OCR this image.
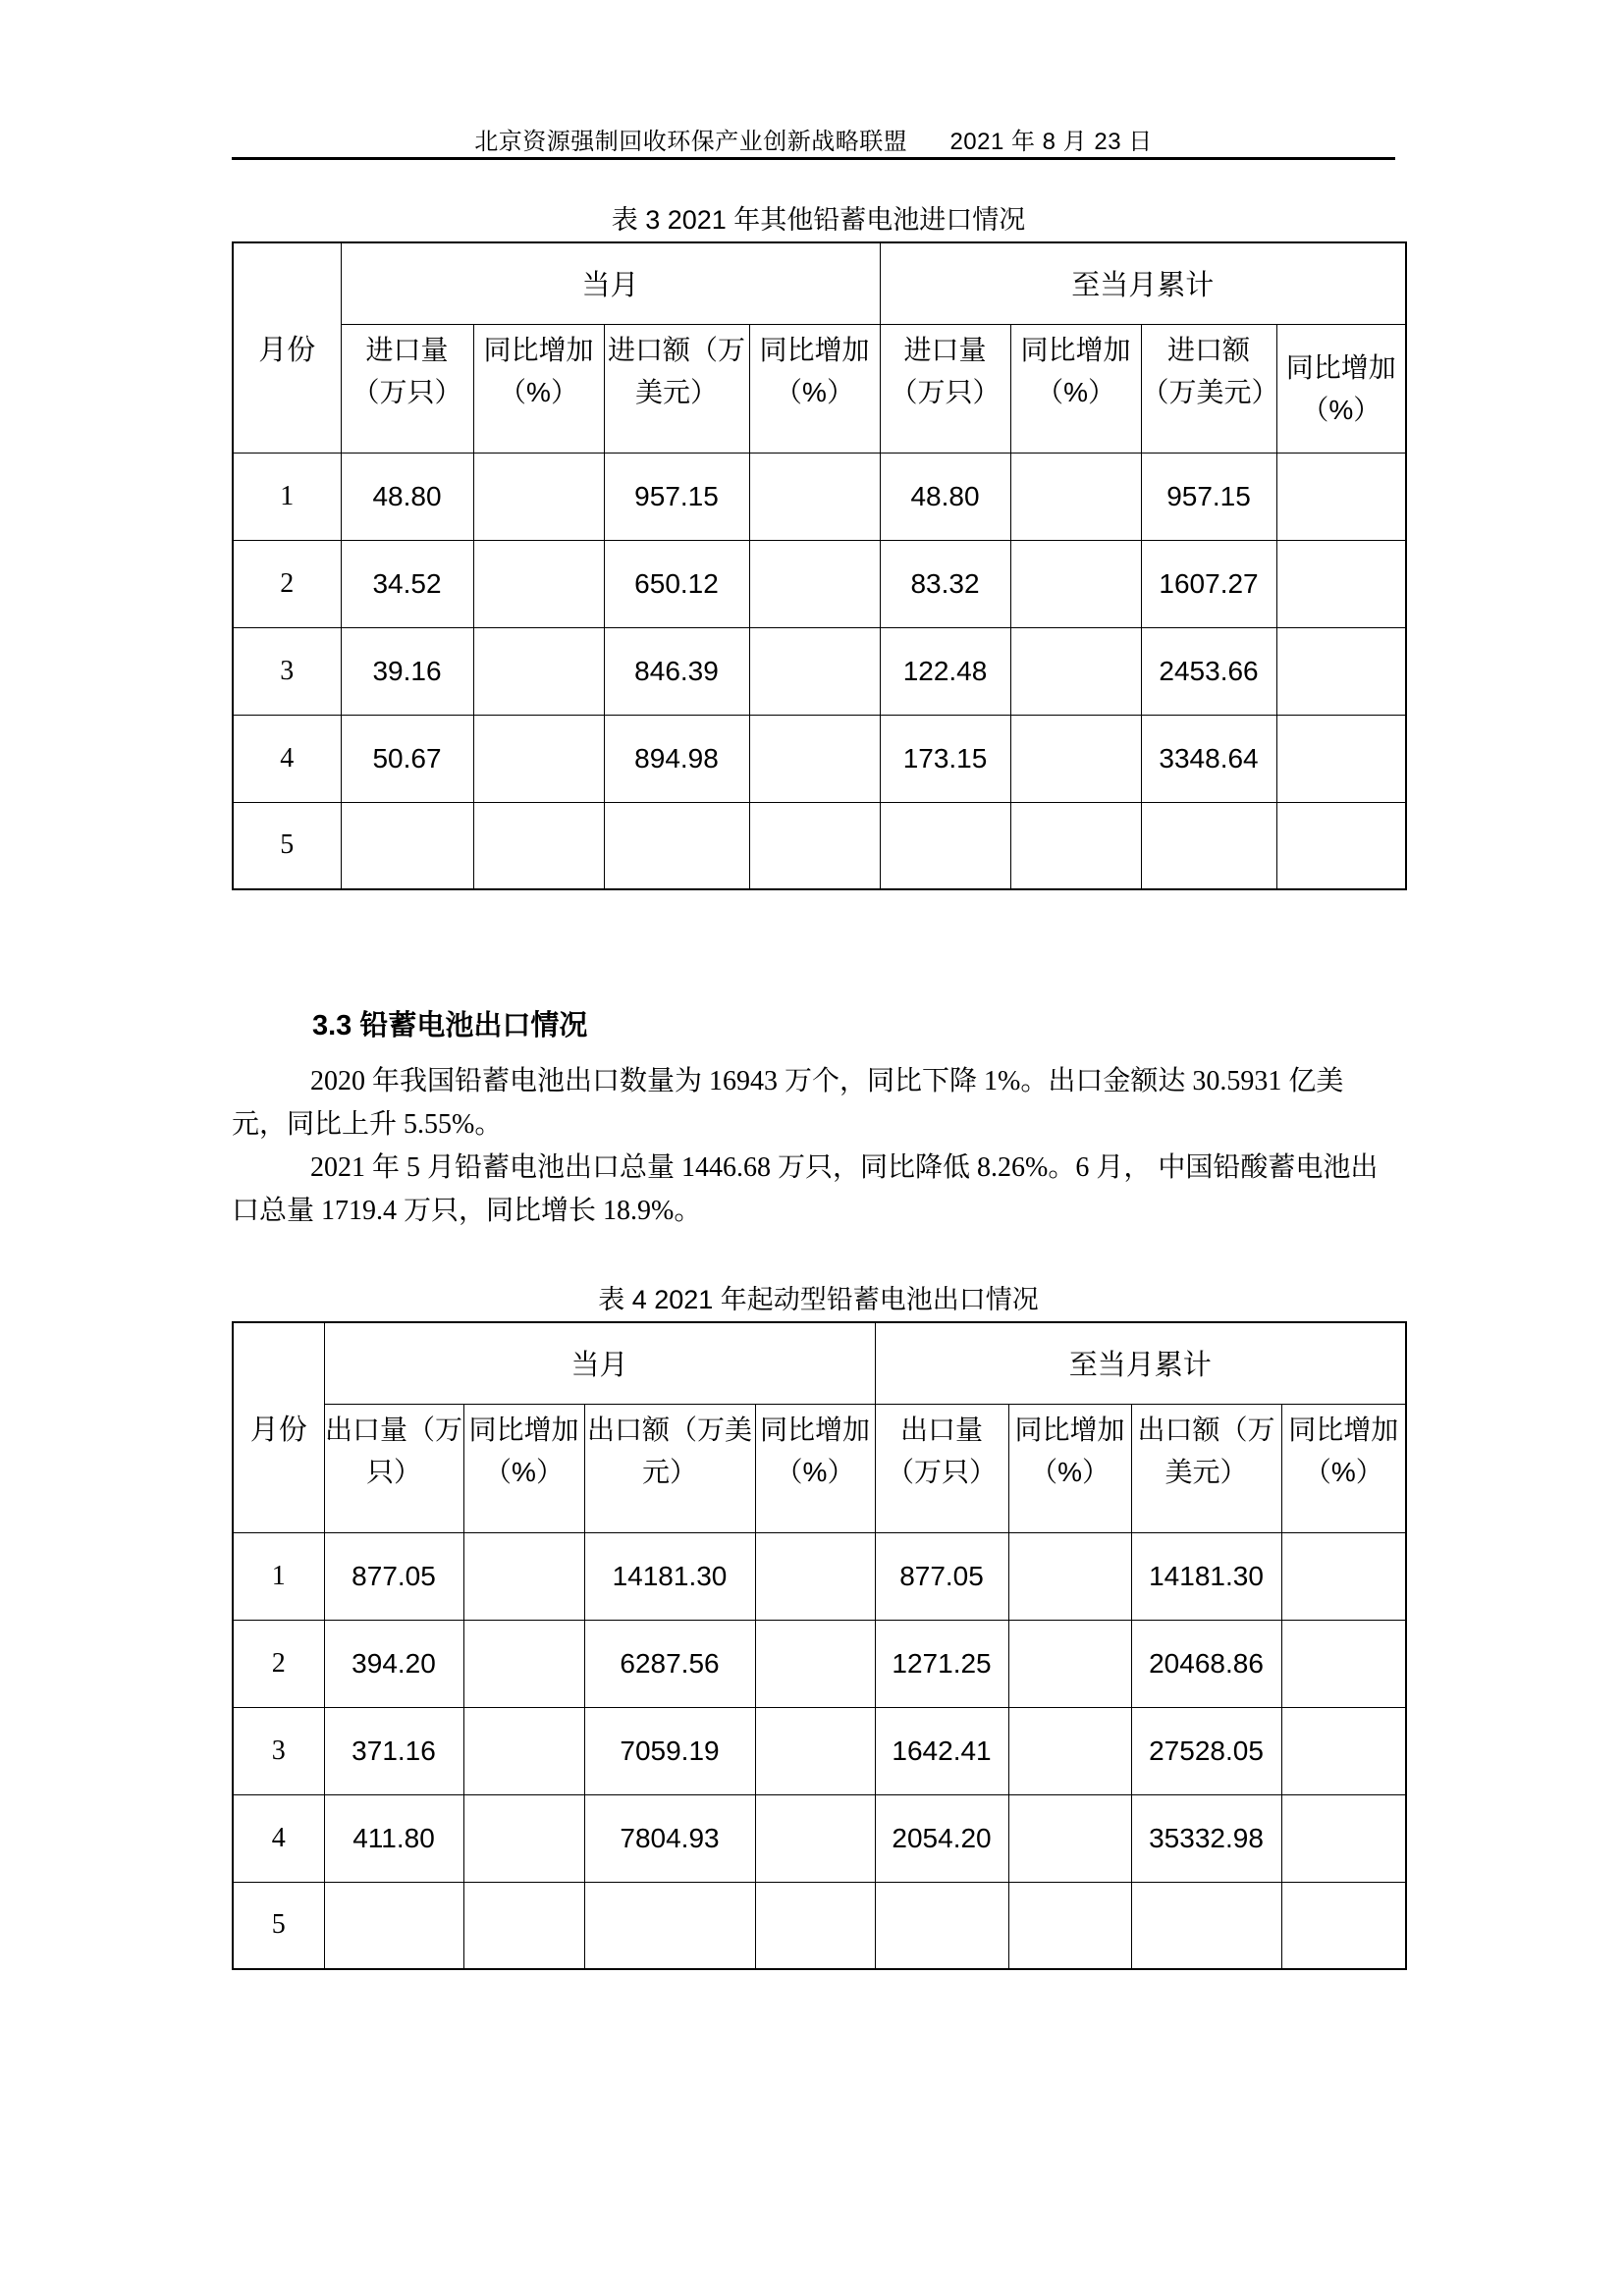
北京资源强制回收环保产业创新战略联盟 2021 年 8 月 23 日
表 3 2021 年其他铅蓄电池进口情况
月份	当月				至当月累计			
	进口量（万只）	同比增加（%）	进口额（万美元）	同比增加（%）	进口量（万只）	同比增加（%）	进口额（万美元）	同比增加（%）
1	48.80		957.15		48.80		957.15	
2	34.52		650.12		83.32		1607.27	
3	39.16		846.39		122.48		2453.66	
4	50.67		894.98		173.15		3348.64	
5								
3.3 铅蓄电池出口情况
2020 年我国铅蓄电池出口数量为 16943 万个，同比下降 1%。出口金额达 30.5931 亿美元，同比上升 5.55%。
2021 年 5 月铅蓄电池出口总量 1446.68 万只，同比降低 8.26%。6 月， 中国铅酸蓄电池出口总量 1719.4 万只，同比增长 18.9%。
表 4 2021 年起动型铅蓄电池出口情况
月份	当月				至当月累计			
	出口量（万只）	同比增加（%）	出口额（万美元）	同比增加（%）	出口量（万只）	同比增加（%）	出口额（万美元）	同比增加（%）
1	877.05		14181.30		877.05		14181.30	
2	394.20		6287.56		1271.25		20468.86	
3	371.16		7059.19		1642.41		27528.05	
4	411.80		7804.93		2054.20		35332.98	
5								
